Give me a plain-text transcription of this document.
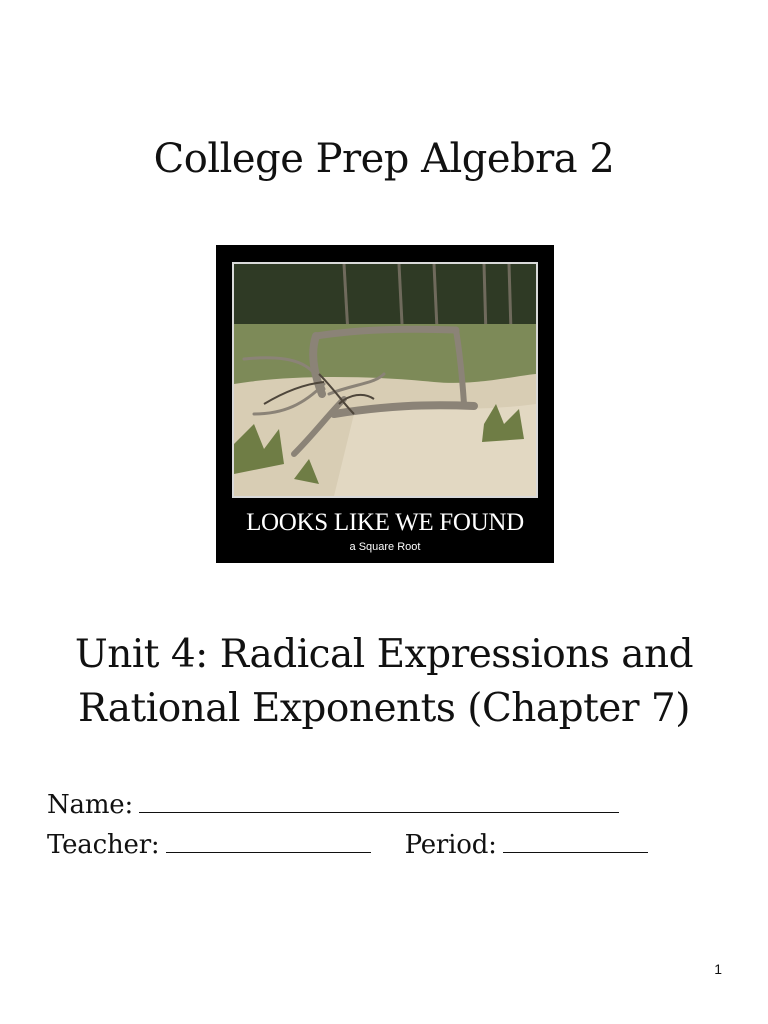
College Prep Algebra 2
LOOKS LIKE WE FOUND
a Square Root
Unit 4: Radical Expressions and
Rational Exponents (Chapter 7)
Name:
Teacher:	Period:
1
